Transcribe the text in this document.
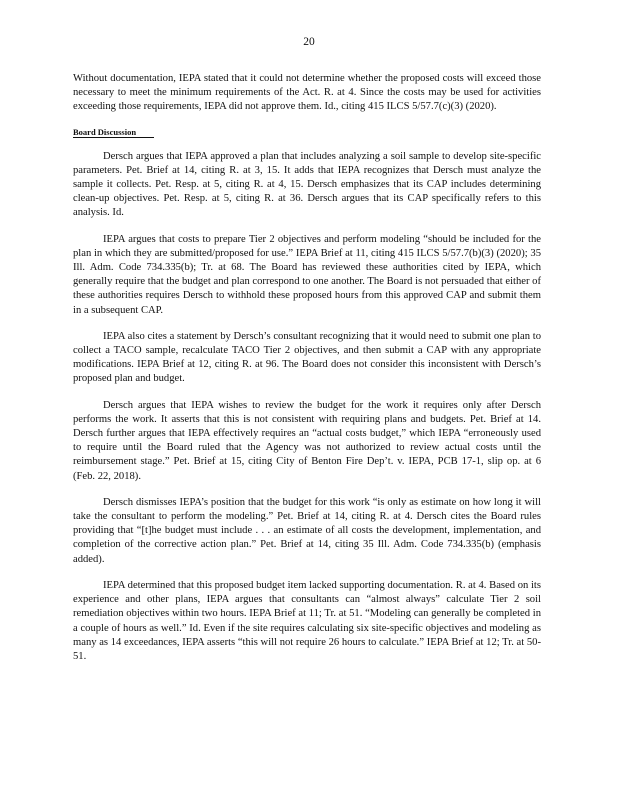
20

Without documentation, IEPA stated that it could not determine whether the proposed costs will exceed those necessary to meet the minimum requirements of the Act. R. at 4. Since the costs may be used for activities exceeding those requirements, IEPA did not approve them. Id., citing 415 ILCS 5/57.7(c)(3) (2020).

Board Discussion

Dersch argues that IEPA approved a plan that includes analyzing a soil sample to develop site-specific parameters. Pet. Brief at 14, citing R. at 3, 15. It adds that IEPA recognizes that Dersch must analyze the sample it collects. Pet. Resp. at 5, citing R. at 4, 15. Dersch emphasizes that its CAP includes determining clean-up objectives. Pet. Resp. at 5, citing R. at 36. Dersch argues that its CAP specifically refers to this analysis. Id.

IEPA argues that costs to prepare Tier 2 objectives and perform modeling “should be included for the plan in which they are submitted/proposed for use.” IEPA Brief at 11, citing 415 ILCS 5/57.7(b)(3) (2020); 35 Ill. Adm. Code 734.335(b); Tr. at 68. The Board has reviewed these authorities cited by IEPA, which generally require that the budget and plan correspond to one another. The Board is not persuaded that either of these authorities requires Dersch to withhold these proposed hours from this approved CAP and submit them in a subsequent CAP.

IEPA also cites a statement by Dersch’s consultant recognizing that it would need to submit one plan to collect a TACO sample, recalculate TACO Tier 2 objectives, and then submit a CAP with any appropriate modifications. IEPA Brief at 12, citing R. at 96. The Board does not consider this inconsistent with Dersch’s proposed plan and budget.

Dersch argues that IEPA wishes to review the budget for the work it requires only after Dersch performs the work. It asserts that this is not consistent with requiring plans and budgets. Pet. Brief at 14. Dersch further argues that IEPA effectively requires an “actual costs budget,” which IEPA “erroneously used to require until the Board ruled that the Agency was not authorized to review actual costs until the reimbursement stage.” Pet. Brief at 15, citing City of Benton Fire Dep’t. v. IEPA, PCB 17-1, slip op. at 6 (Feb. 22, 2018).

Dersch dismisses IEPA’s position that the budget for this work “is only as estimate on how long it will take the consultant to perform the modeling.” Pet. Brief at 14, citing R. at 4. Dersch cites the Board rules providing that “[t]he budget must include . . . an estimate of all costs the development, implementation, and completion of the corrective action plan.” Pet. Brief at 14, citing 35 Ill. Adm. Code 734.335(b) (emphasis added).

IEPA determined that this proposed budget item lacked supporting documentation. R. at 4. Based on its experience and other plans, IEPA argues that consultants can “almost always” calculate Tier 2 soil remediation objectives within two hours. IEPA Brief at 11; Tr. at 51. “Modeling can generally be completed in a couple of hours as well.” Id. Even if the site requires calculating six site-specific objectives and modeling as many as 14 exceedances, IEPA asserts “this will not require 26 hours to calculate.” IEPA Brief at 12; Tr. at 50-51.
